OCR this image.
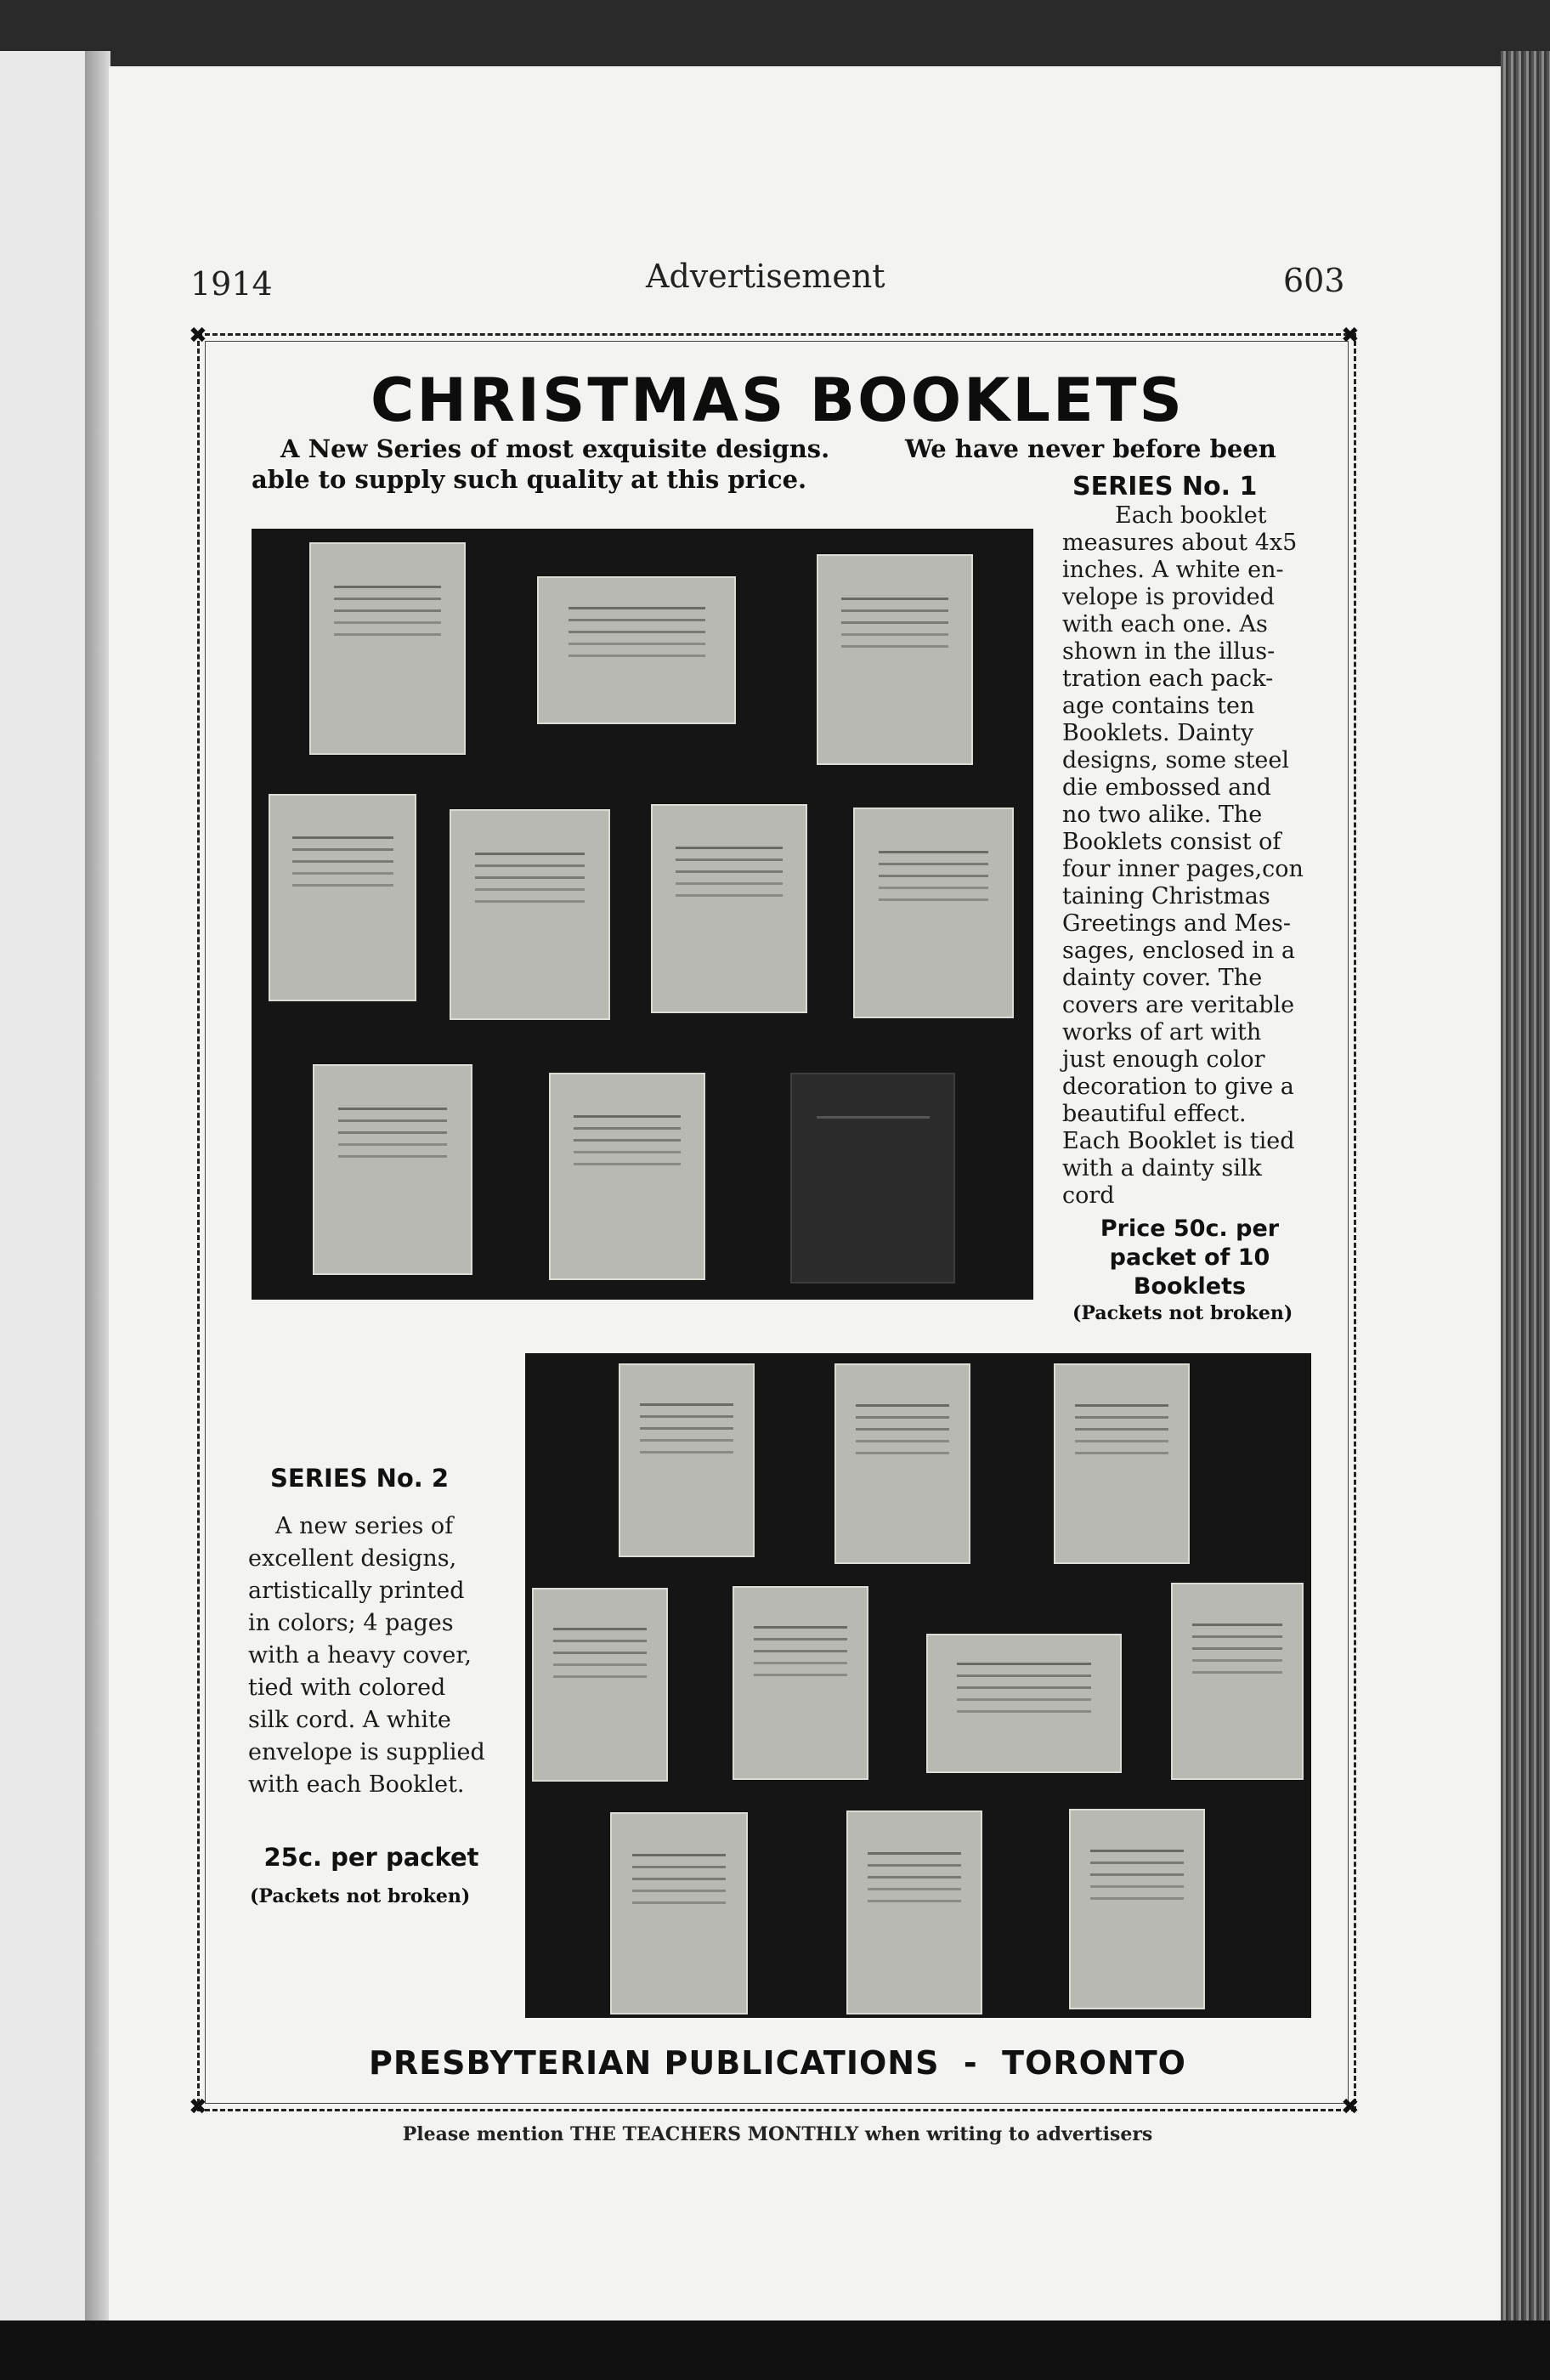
1914	Advertisement	603
✖	✖
✖	✖
CHRISTMAS BOOKLETS
A New Series of most exquisite designs.	We have never before been
able to supply such quality at this price.	SERIES No. 1
Each booklet
measures about 4x5
inches. A white en-
velope is provided
with each one. As
shown in the illus-
tration each pack-
age contains ten
Booklets. Dainty
designs, some steel
die embossed and
no two alike. The
Booklets consist of
four inner pages,con
taining Christmas
Greetings and Mes-
sages, enclosed in a
dainty cover. The
covers are veritable
works of art with
just enough color
decoration to give a
beautiful effect.
Each Booklet is tied
with a dainty silk
cord
Price 50c. per
packet of 10
Booklets
(Packets not broken)
SERIES No. 2
A new series of
excellent designs,
artistically printed
in colors; 4 pages
with a heavy cover,
tied with colored
silk cord. A white
envelope is supplied
with each Booklet.
25c. per packet
(Packets not broken)
PRESBYTERIAN PUBLICATIONS  -  TORONTO
Please mention THE TEACHERS MONTHLY when writing to advertisers
